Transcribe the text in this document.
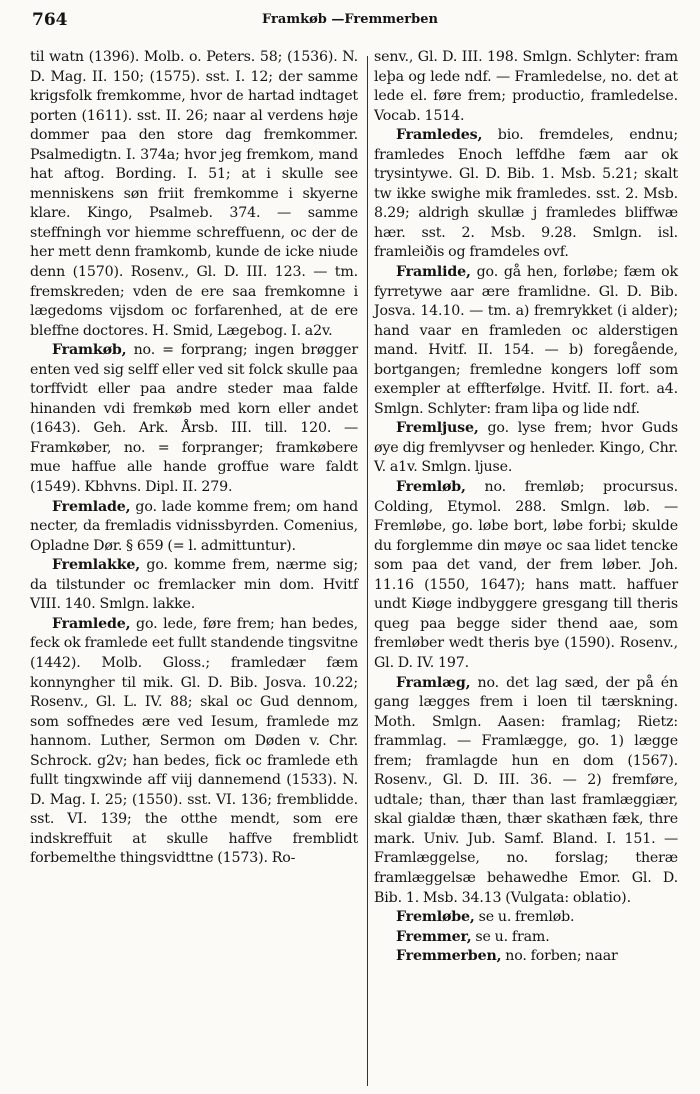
764	Framkøb —Fremmerben

til watn (1396). Molb. o. Peters. 58; (1536). N. D. Mag. II. 150; (1575). sst. I. 12; der samme krigsfolk fremkomme, hvor de hartad indtaget porten (1611). sst. II. 26; naar al verdens høje dommer paa den store dag fremkommer. Psalmedigtn. I. 374a; hvor jeg fremkom, mand hat aftog. Bording. I. 51; at i skulle see menniskens søn friit fremkomme i skyerne klare. Kingo, Psalmeb. 374. — samme steffningh vor hiemme schreffuenn, oc der de her mett denn framkomb, kunde de icke niude denn (1570). Rosenv., Gl. D. III. 123. — tm. fremskreden; vden de ere saa fremkomne i lægedoms vijsdom oc forfarenhed, at de ere bleffne doctores. H. Smid, Lægebog. I. a2v.

Framkøb, no. = forprang; ingen brøgger enten ved sig selff eller ved sit folck skulle paa torffvidt eller paa andre steder maa falde hinanden vdi fremkøb med korn eller andet (1643). Geh. Ark. Årsb. III. till. 120. — Framkøber, no. = forpranger; framkøbere mue haffue alle hande groffue ware faldt (1549). Kbhvns. Dipl. II. 279.

Fremlade, go. lade komme frem; om hand necter, da fremladis vidnissbyrden. Comenius, Opladne Dør. § 659 (= l. admittuntur).

Fremlakke, go. komme frem, nærme sig; da tilstunder oc fremlacker min dom. Hvitf VIII. 140. Smlgn. lakke.

Framlede, go. lede, føre frem; han bedes, feck ok framlede eet fullt standende tingsvitne (1442). Molb. Gloss.; framledær fæm konnyngher til mik. Gl. D. Bib. Josva. 10.22; Rosenv., Gl. L. IV. 88; skal oc Gud dennom, som soffnedes ære ved Iesum, framlede mz hannom. Luther, Sermon om Døden v. Chr. Schrock. g2v; han bedes, fick oc framlede eth fullt tingxwinde aff viij dannemend (1533). N. D. Mag. I. 25; (1550). sst. VI. 136; fremblidde. sst. VI. 139; the otthe mendt, som ere indskreffuit at skulle haffve fremblidt forbemelthe thingsvidttne (1573). Ro-

senv., Gl. D. III. 198. Smlgn. Schlyter: fram leþa og lede ndf. — Framledelse, no. det at lede el. føre frem; productio, framledelse. Vocab. 1514.

Framledes, bio. fremdeles, endnu; framledes Enoch leffdhe fæm aar ok trysintywe. Gl. D. Bib. 1. Msb. 5.21; skalt tw ikke swighe mik framledes. sst. 2. Msb. 8.29; aldrigh skullæ j framledes bliffwæ hær. sst. 2. Msb. 9.28. Smlgn. isl. framleiðis og framdeles ovf.

Framlide, go. gå hen, forløbe; fæm ok fyrretywe aar ære framlidne. Gl. D. Bib. Josva. 14.10. — tm. a) fremrykket (i alder); hand vaar en framleden oc alderstigen mand. Hvitf. II. 154. — b) foregående, bortgangen; fremledne kongers loff som exempler at effterfølge. Hvitf. II. fort. a4. Smlgn. Schlyter: fram liþa og lide ndf.

Fremljuse, go. lyse frem; hvor Guds øye dig fremlyvser og henleder. Kingo, Chr. V. a1v. Smlgn. ljuse.

Fremløb, no. fremløb; procursus. Colding, Etymol. 288. Smlgn. løb. — Fremløbe, go. løbe bort, løbe forbi; skulde du forglemme din møye oc saa lidet tencke som paa det vand, der frem løber. Joh. 11.16 (1550, 1647); hans matt. haffuer undt Kiøge indbyggere gresgang till theris queg paa begge sider thend aae, som fremløber wedt theris bye (1590). Rosenv., Gl. D. IV. 197.

Framlæg, no. det lag sæd, der på én gang lægges frem i loen til tærskning. Moth. Smlgn. Aasen: framlag; Rietz: frammlag. — Framlægge, go. 1) lægge frem; framlagde hun en dom (1567). Rosenv., Gl. D. III. 36. — 2) fremføre, udtale; than, thær than last framlæggiær, skal gialdæ thæn, thær skathæn fæk, thre mark. Univ. Jub. Samf. Bland. I. 151. — Framlæggelse, no. forslag; theræ framlæggelsæ behawedhe Emor. Gl. D. Bib. 1. Msb. 34.13 (Vulgata: oblatio).

Fremløbe, se u. fremløb.

Fremmer, se u. fram.

Fremmerben, no. forben; naar
